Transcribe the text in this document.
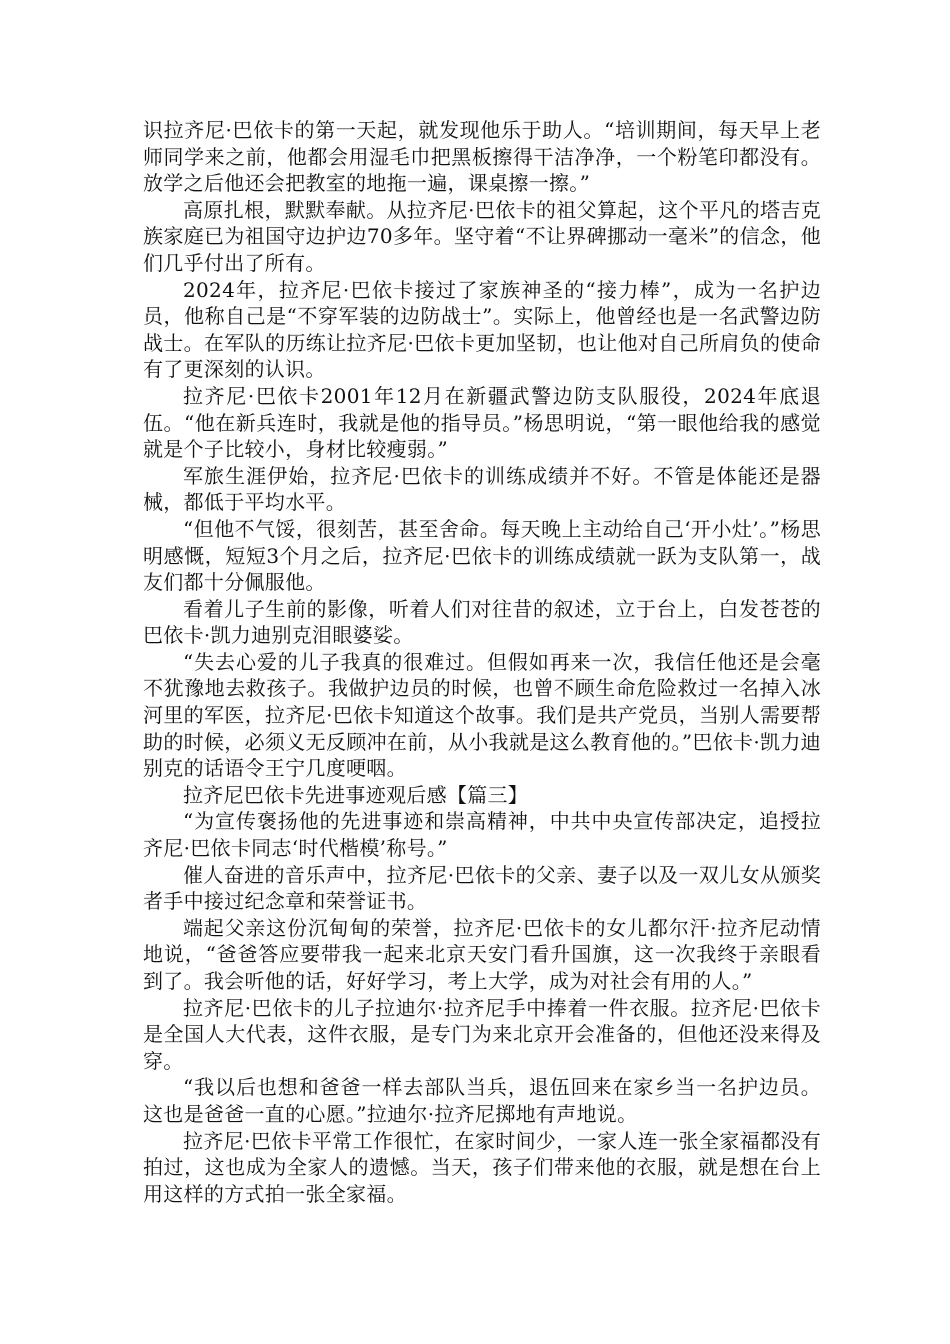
识拉齐尼·巴依卡的第一天起，就发现他乐于助人。“培训期间，每天早上老师同学来之前，他都会用湿毛巾把黑板擦得干洁净净，一个粉笔印都没有。放学之后他还会把教室的地拖一遍，课桌擦一擦。”

高原扎根，默默奉献。从拉齐尼·巴依卡的祖父算起，这个平凡的塔吉克族家庭已为祖国守边护边70多年。坚守着“不让界碑挪动一毫米”的信念，他们几乎付出了所有。

2024年，拉齐尼·巴依卡接过了家族神圣的“接力棒”，成为一名护边员，他称自己是“不穿军装的边防战士”。实际上，他曾经也是一名武警边防战士。在军队的历练让拉齐尼·巴依卡更加坚韧，也让他对自己所肩负的使命有了更深刻的认识。

拉齐尼·巴依卡2001年12月在新疆武警边防支队服役，2024年底退伍。“他在新兵连时，我就是他的指导员。”杨思明说，“第一眼他给我的感觉就是个子比较小，身材比较瘦弱。”

军旅生涯伊始，拉齐尼·巴依卡的训练成绩并不好。不管是体能还是器械，都低于平均水平。

“但他不气馁，很刻苦，甚至舍命。每天晚上主动给自己‘开小灶’。”杨思明感慨，短短3个月之后，拉齐尼·巴依卡的训练成绩就一跃为支队第一，战友们都十分佩服他。

看着儿子生前的影像，听着人们对往昔的叙述，立于台上，白发苍苍的巴依卡·凯力迪别克泪眼婆娑。

“失去心爱的儿子我真的很难过。但假如再来一次，我信任他还是会毫不犹豫地去救孩子。我做护边员的时候，也曾不顾生命危险救过一名掉入冰河里的军医，拉齐尼·巴依卡知道这个故事。我们是共产党员，当别人需要帮助的时候，必须义无反顾冲在前，从小我就是这么教育他的。”巴依卡·凯力迪别克的话语令王宁几度哽咽。

拉齐尼巴依卡先进事迹观后感【篇三】

“为宣传褒扬他的先进事迹和崇高精神，中共中央宣传部决定，追授拉齐尼·巴依卡同志‘时代楷模’称号。”

催人奋进的音乐声中，拉齐尼·巴依卡的父亲、妻子以及一双儿女从颁奖者手中接过纪念章和荣誉证书。

端起父亲这份沉甸甸的荣誉，拉齐尼·巴依卡的女儿都尔汗·拉齐尼动情地说，“爸爸答应要带我一起来北京天安门看升国旗，这一次我终于亲眼看到了。我会听他的话，好好学习，考上大学，成为对社会有用的人。”

拉齐尼·巴依卡的儿子拉迪尔·拉齐尼手中捧着一件衣服。拉齐尼·巴依卡是全国人大代表，这件衣服，是专门为来北京开会准备的，但他还没来得及穿。

“我以后也想和爸爸一样去部队当兵，退伍回来在家乡当一名护边员。这也是爸爸一直的心愿。”拉迪尔·拉齐尼掷地有声地说。

拉齐尼·巴依卡平常工作很忙，在家时间少，一家人连一张全家福都没有拍过，这也成为全家人的遗憾。当天，孩子们带来他的衣服，就是想在台上用这样的方式拍一张全家福。
